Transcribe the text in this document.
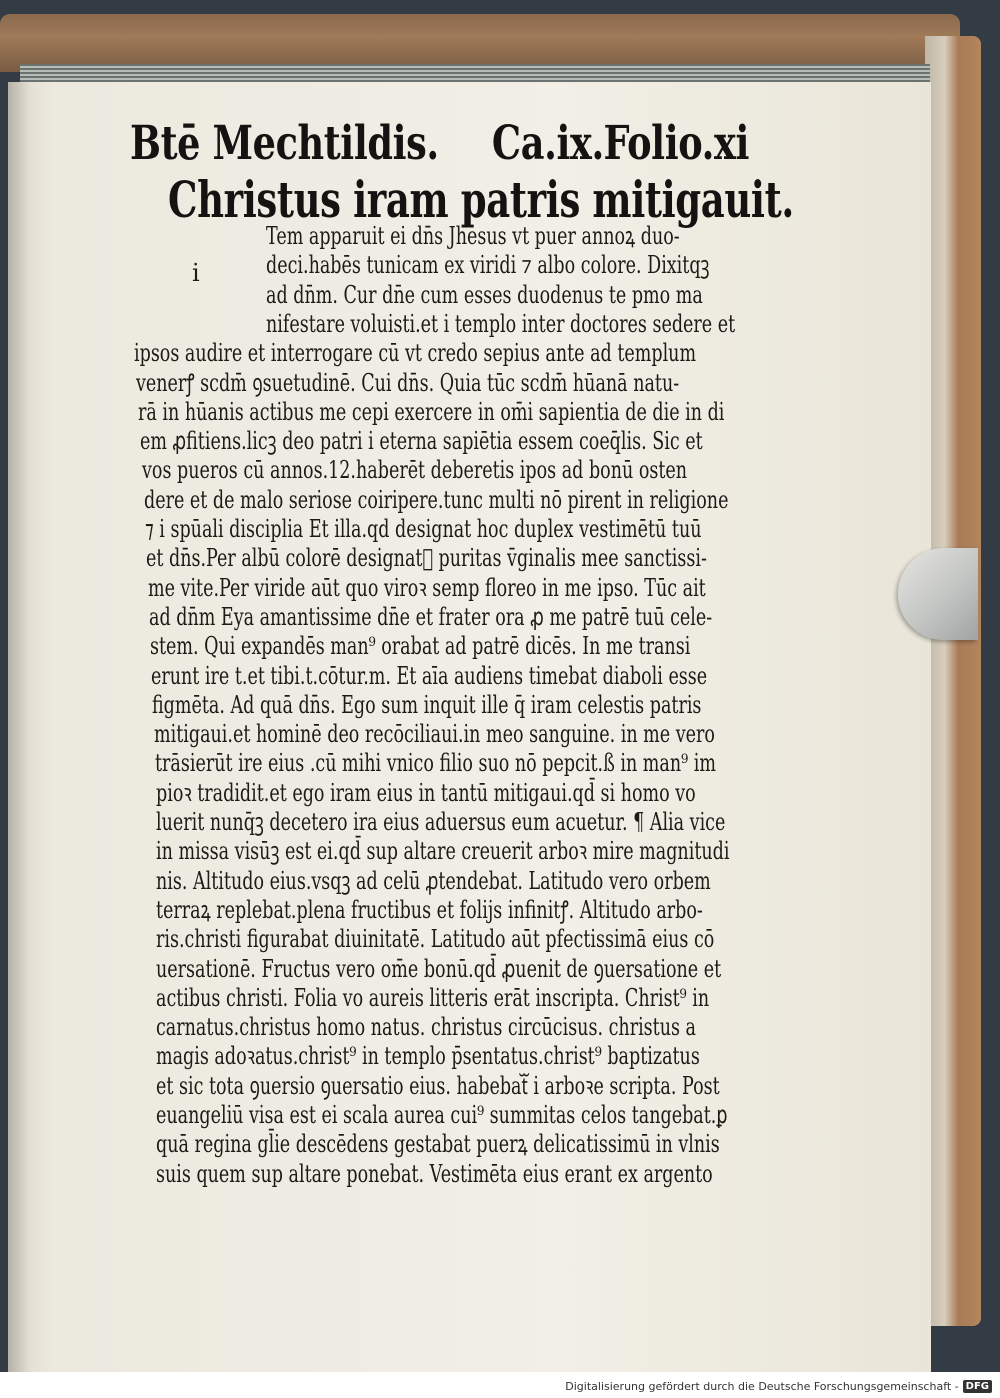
Btē Mechtildis. Ca.ix. Folio.xi
Christus iram patris mitigauit.
i
Tem apparuit ei dn̄s Jhesus vt puer annoꝝ duo-
deci.habēs tunicam ex viridi ⁊ albo colore. Dixitqꝫ
ad dn̄m. Cur dn̄e cum esses duodenus te pmo ma
nifestare voluisti.et i templo inter doctores sedere et
ipsos audire et interrogare cū vt credo sepius ante ad templum
venerꝭ scdm̄ ꝯsuetudinē. Cui dn̄s. Quia tūc scdm̄ hūanā natu-
rā in hūanis actibus me cepi exercere in om̄i sapientia de die in di
em ꝓfitiens.licꝫ deo patri i eterna sapiētia essem coeq̄lis. Sic et
vos pueros cū annos.12.haberēt deberetis ipos ad bonū osten
dere et de malo seriose coiripere.tunc multi nō pirent in religione
⁊ i spūali disciplia Et illa.qd designat hoc duplex vestimētū tuū
et dn̄s.Per albū colorē designatᷓ puritas v̄ginalis mee sanctissi-
me vite.Per viride aūt quo viroꝛ semp floreo in me ipso. Tūc ait
ad dn̄m Eya amantissime dn̄e et frater ora ꝓ me patrē tuū cele-
stem. Qui expandēs man⁹ orabat ad patrē dicēs. In me transi
erunt ire t.et tibi.t.cōtur.m. Et aīa audiens timebat diaboli esse
figmēta. Ad quā dn̄s. Ego sum inquit ille q̄ iram celestis patris
mitigaui.et hominē deo recōciliaui.in meo sanguine. in me vero
trāsierūt ire eius .cū mihi vnico filio suo nō pepcit.ß in man⁹ im
pioꝛ tradidit.et ego iram eius in tantū mitigaui.qd̄ si homo vo
luerit nunq̄ꝫ decetero ira eius aduersus eum acuetur. ¶ Alia vice
in missa visūꝫ est ei.qd̄ sup altare creuerit arboꝛ mire magnitudi
nis. Altitudo eius.vsqꝫ ad celū ꝓtendebat. Latitudo vero orbem
terraꝝ replebat.plena fructibus et folijs infinitꝭ. Altitudo arbo-
ris.christi figurabat diuinitatē. Latitudo aūt pfectissimā eius cō
uersationē. Fructus vero om̄e bonū.qd̄ ꝓuenit de ꝯuersatione et
actibus christi. Folia vo aureis litteris erāt inscripta. Christ⁹ in
carnatus.christus homo natus. christus circūcisus. christus a
magis adoꝛatus.christ⁹ in templo p̄sentatus.christ⁹ baptizatus
et sic tota ꝯuersio ꝯuersatio eius. habebatᷓ i arboꝛe scripta. Post
euangeliū visa est ei scala aurea cui⁹ summitas celos tangebat.ꝑ
quā regina gl̄ie descēdens gestabat puerꝝ delicatissimū in vlnis
suis quem sup altare ponebat. Vestimēta eius erant ex argento
Digitalisierung gefördert durch die Deutsche Forschungsgemeinschaft - DFG
